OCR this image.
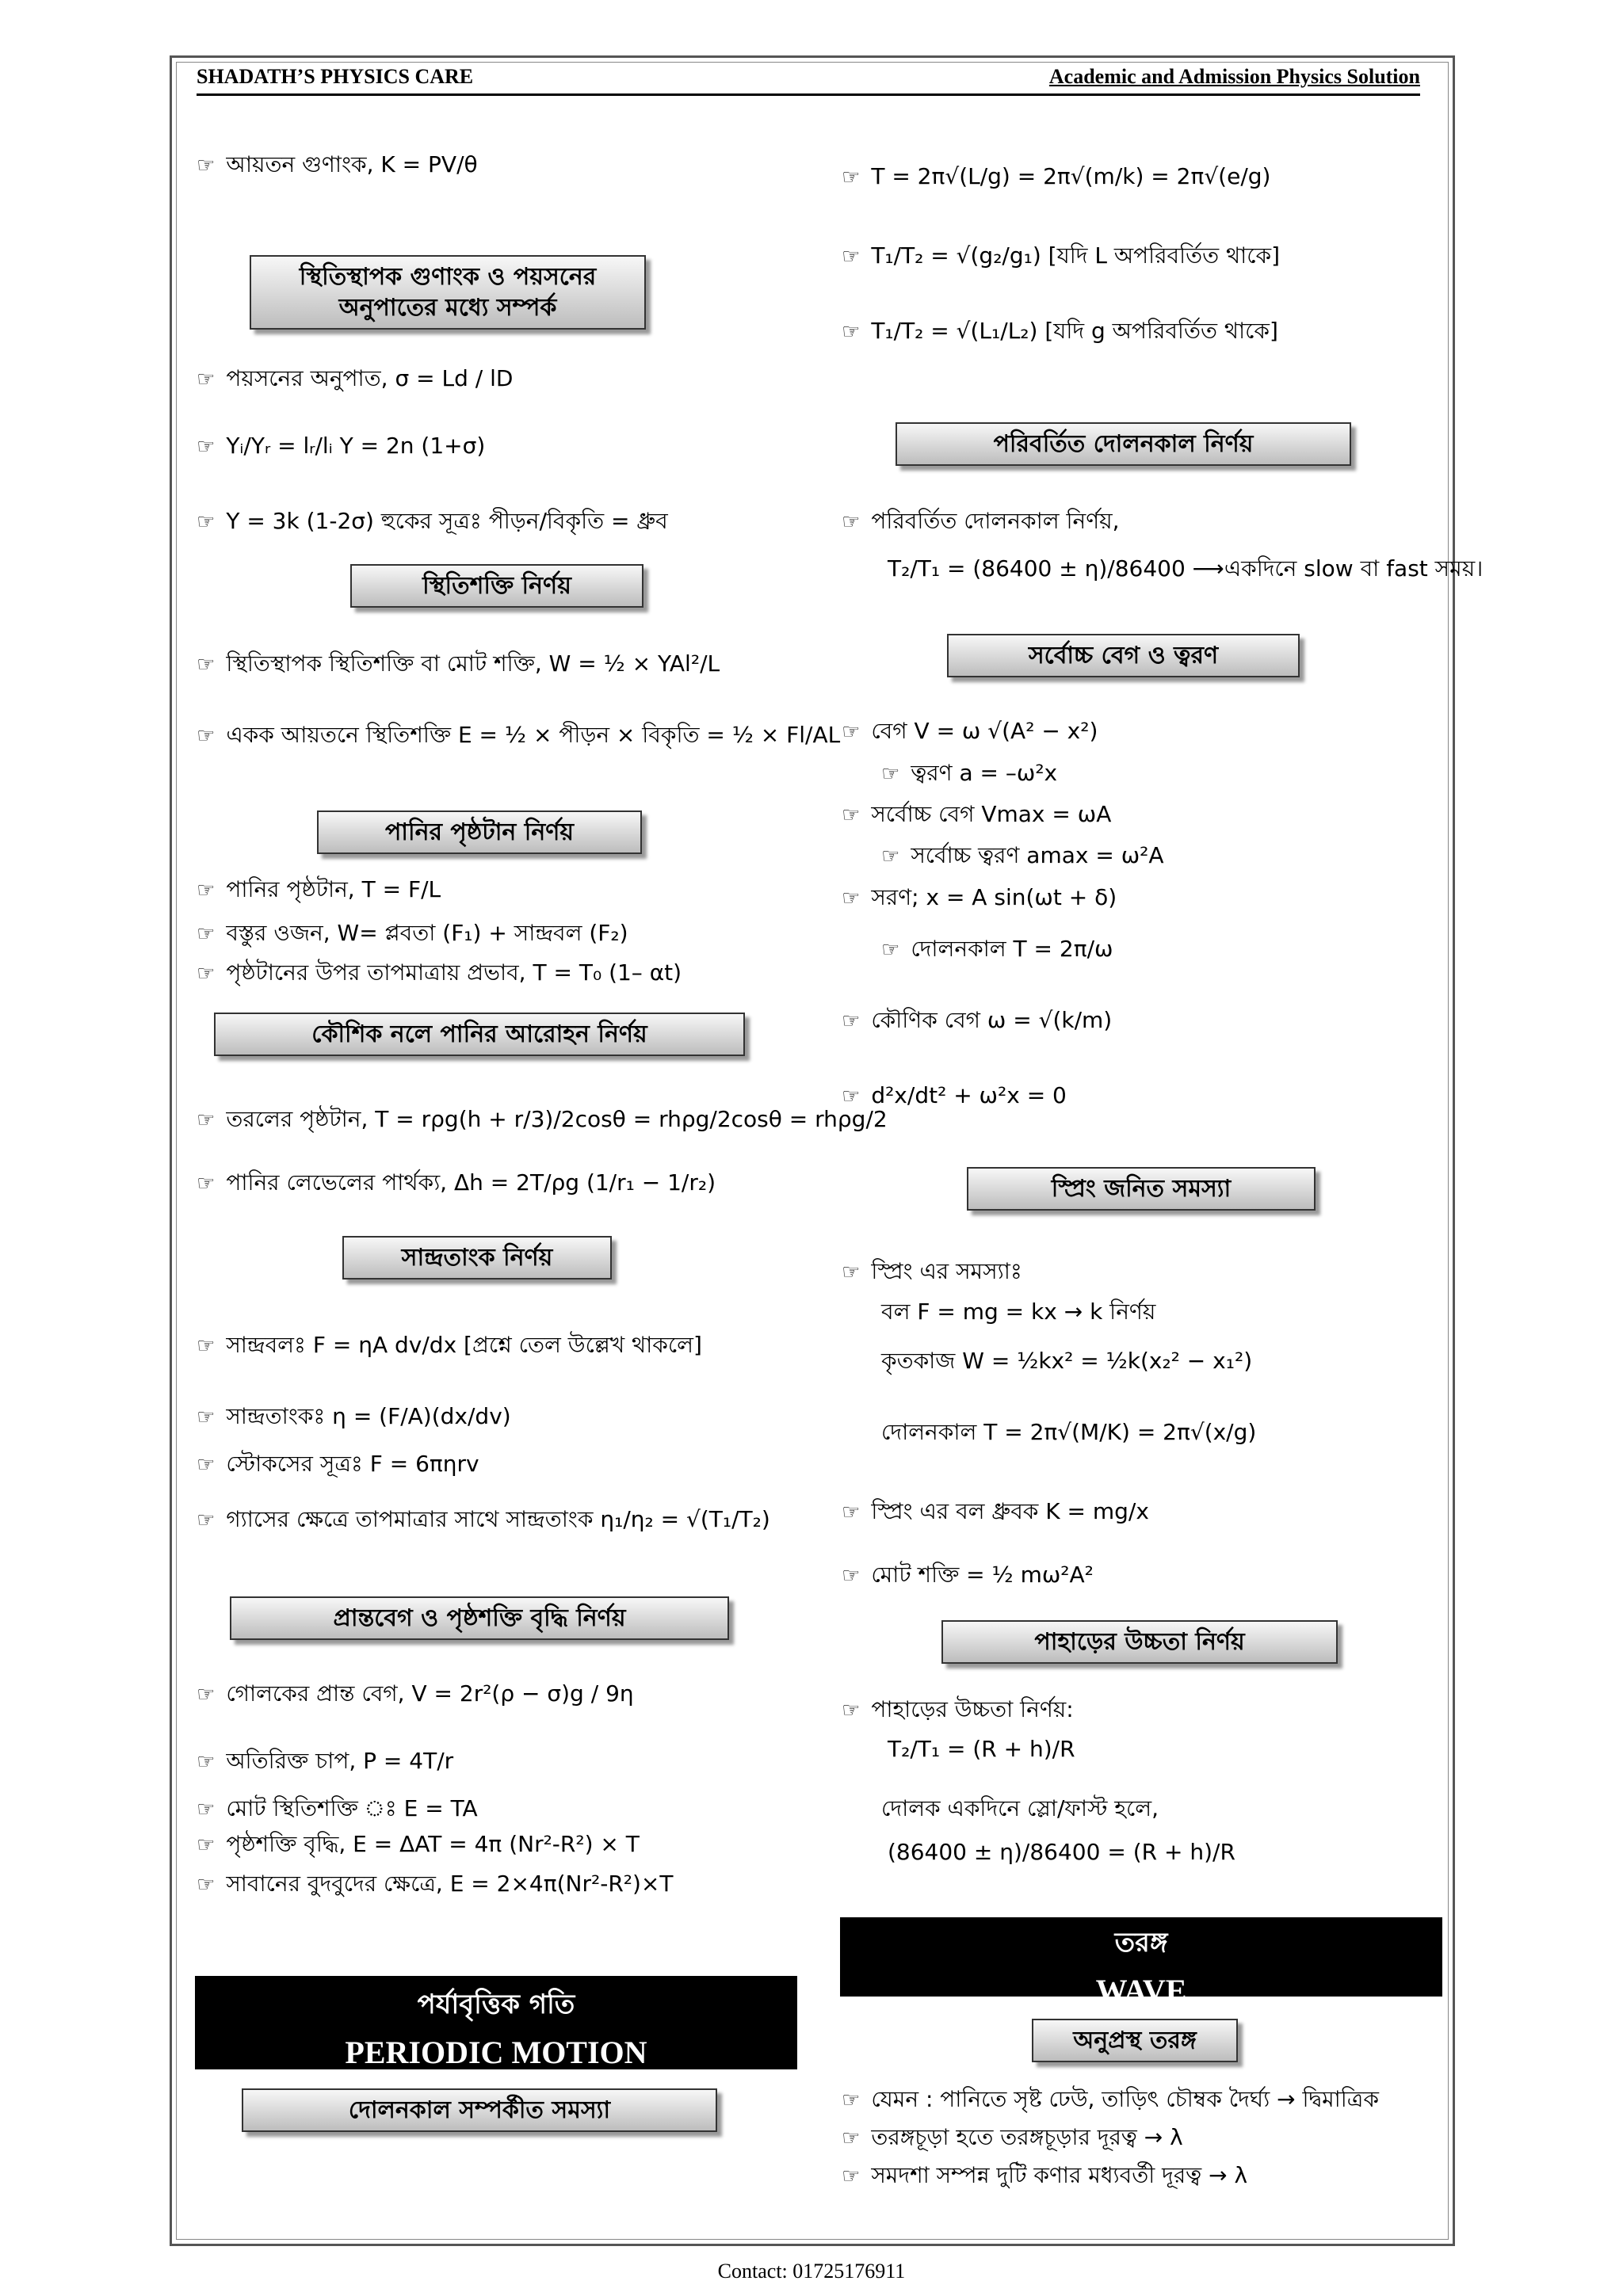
SHADATH’S PHYSICS CARE	Academic and Admission Physics Solution
☞ আয়তন গুণাংক, K = PV/θ
স্থিতিস্থাপক গুণাংক ও পয়সনের অনুপাতের মধ্যে সম্পর্ক
☞ পয়সনের অনুপাত, σ = Ld / lD
☞ Yᵢ/Yᵣ = lᵣ/lᵢ Y = 2n (1+σ)
☞ Y = 3k (1-2σ) হুকের সূত্রঃ পীড়ন/বিকৃতি = ধ্রুব
স্থিতিশক্তি নির্ণয়
☞ স্থিতিস্থাপক স্থিতিশক্তি বা মোট শক্তি, W = ½ × YAl²/L
☞ একক আয়তনে স্থিতিশক্তি E = ½ × পীড়ন × বিকৃতি = ½ × Fl/AL
পানির পৃষ্ঠটান নির্ণয়
☞ পানির পৃষ্ঠটান, T = F/L
☞ বস্তুর ওজন, W= প্লবতা (F₁) + সান্দ্রবল (F₂)
☞ পৃষ্ঠটানের উপর তাপমাত্রায় প্রভাব, T = T₀ (1– αt)
কৌশিক নলে পানির আরোহন নির্ণয়
☞ তরলের পৃষ্ঠটান, T = rρg(h + r/3)/2cosθ = rhρg/2cosθ = rhρg/2
☞ পানির লেভেলের পার্থক্য, Δh = 2T/ρg (1/r₁ − 1/r₂)
সান্দ্রতাংক নির্ণয়
☞ সান্দ্রবলঃ F = ηA dv/dx [প্রশ্নে তেল উল্লেখ থাকলে]
☞ সান্দ্রতাংকঃ η = (F/A)(dx/dv)
☞ স্টোকসের সূত্রঃ F = 6πηrv
☞ গ্যাসের ক্ষেত্রে তাপমাত্রার সাথে সান্দ্রতাংক η₁/η₂ = √(T₁/T₂)
প্রান্তবেগ ও পৃষ্ঠশক্তি বৃদ্ধি নির্ণয়
☞ গোলকের প্রান্ত বেগ, V = 2r²(ρ − σ)g / 9η
☞ অতিরিক্ত চাপ, P = 4T/r
☞ মোট স্থিতিশক্তি ঃ E = TA
☞ পৃষ্ঠশক্তি বৃদ্ধি, E = ΔAT = 4π (Nr²-R²) × T
☞ সাবানের বুদবুদের ক্ষেত্রে, E = 2×4π(Nr²-R²)×T
পর্যাবৃত্তিক গতি
PERIODIC MOTION
দোলনকাল সম্পর্কীত সমস্যা
☞ T = 2π√(L/g) = 2π√(m/k) = 2π√(e/g)
☞ T₁/T₂ = √(g₂/g₁) [যদি L অপরিবর্তিত থাকে]
☞ T₁/T₂ = √(L₁/L₂) [যদি g অপরিবর্তিত থাকে]
পরিবর্তিত দোলনকাল নির্ণয়
☞ পরিবর্তিত দোলনকাল নির্ণয়,
T₂/T₁ = (86400 ± η)/86400 ⟶একদিনে slow বা fast সময়।
সর্বোচ্চ বেগ ও ত্বরণ
☞ বেগ V = ω √(A² − x²)
☞ ত্বরণ a = –ω²x
☞ সর্বোচ্চ বেগ Vmax = ωA
☞ সর্বোচ্চ ত্বরণ amax = ω²A
☞ সরণ; x = A sin(ωt + δ)
☞ দোলনকাল T = 2π/ω
☞ কৌণিক বেগ ω = √(k/m)
☞ d²x/dt² + ω²x = 0
স্প্রিং জনিত সমস্যা
☞ স্প্রিং এর সমস্যাঃ
বল F = mg = kx → k নির্ণয়
কৃতকাজ W = ½kx² = ½k(x₂² − x₁²)
দোলনকাল T = 2π√(M/K) = 2π√(x/g)
☞ স্প্রিং এর বল ধ্রুবক K = mg/x
☞ মোট শক্তি = ½ mω²A²
পাহাড়ের উচ্চতা নির্ণয়
☞ পাহাড়ের উচ্চতা নির্ণয়:
T₂/T₁ = (R + h)/R
দোলক একদিনে স্লো/ফাস্ট হলে,
(86400 ± η)/86400 = (R + h)/R
তরঙ্গ
WAVE
অনুপ্রস্থ তরঙ্গ
☞ যেমন : পানিতে সৃষ্ট ঢেউ, তাড়িৎ চৌম্বক দৈর্ঘ্য → দ্বিমাত্রিক
☞ তরঙ্গচূড়া হতে তরঙ্গচূড়ার দূরত্ব → λ
☞ সমদশা সম্পন্ন দুটি কণার মধ্যবর্তী দূরত্ব → λ
Contact: 01725176911
